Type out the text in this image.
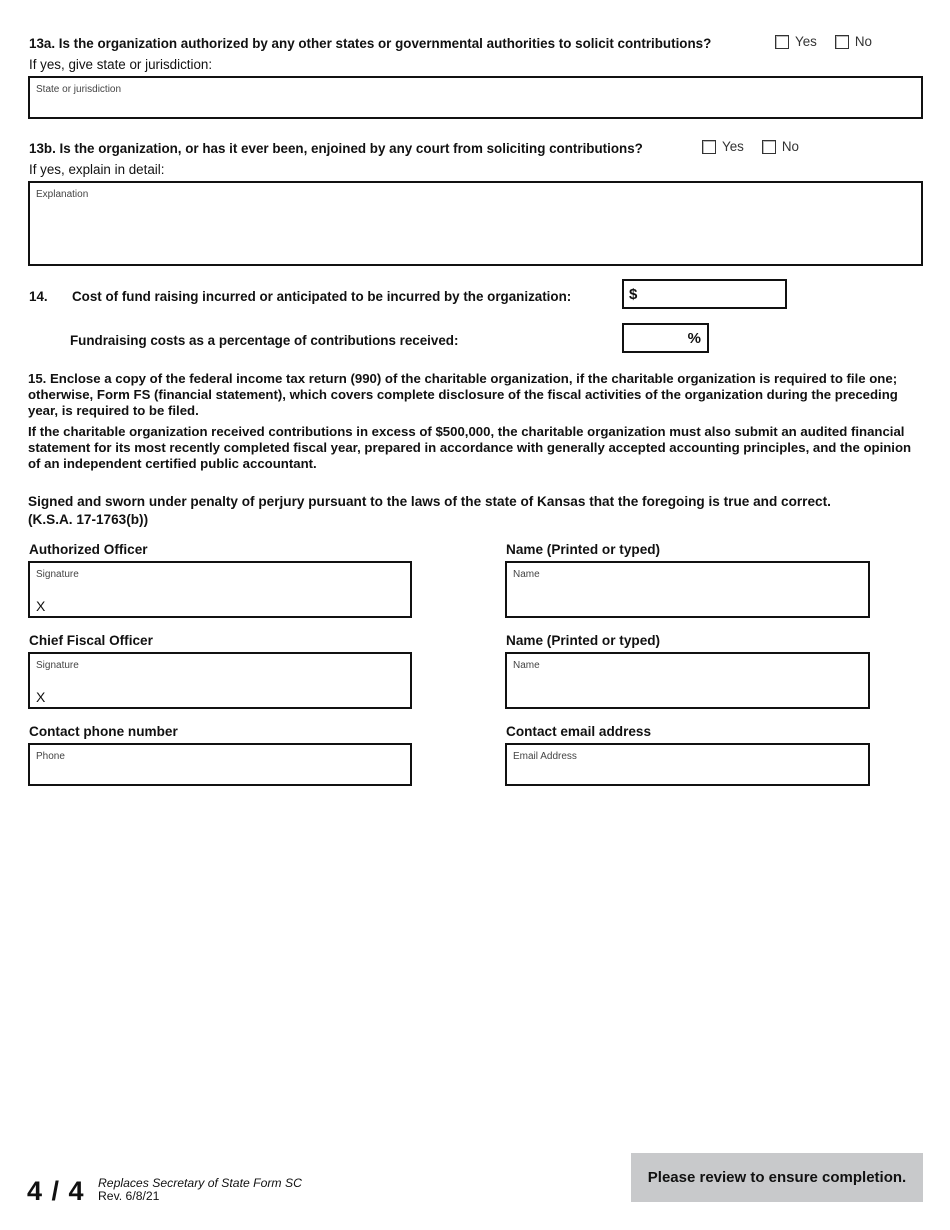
13a. Is the organization authorized by any other states or governmental authorities to solicit contributions?	Yes	No
If yes, give state or jurisdiction:
State or jurisdiction
13b. Is the organization, or has it ever been, enjoined by any court from soliciting contributions?	Yes	No
If yes, explain in detail:
Explanation
14. Cost of fund raising incurred or anticipated to be incurred by the organization:	$
Fundraising costs as a percentage of contributions received:	%
15. Enclose a copy of the federal income tax return (990) of the charitable organization, if the charitable organization is required to file one; otherwise, Form FS (financial statement), which covers complete disclosure of the fiscal activities of the organization during the preceding year, is required to be filed.
If the charitable organization received contributions in excess of $500,000, the charitable organization must also submit an audited financial statement for its most recently completed fiscal year, prepared in accordance with generally accepted accounting principles, and the opinion of an independent certified public accountant.
Signed and sworn under penalty of perjury pursuant to the laws of the state of Kansas that the foregoing is true and correct.
(K.S.A. 17-1763(b))
Authorized Officer
Signature
X
Name (Printed or typed)
Name
Chief Fiscal Officer
Signature
X
Name (Printed or typed)
Name
Contact phone number
Phone
Contact email address
Email Address
4 / 4 Replaces Secretary of State Form SC
Rev. 6/8/21
Please review to ensure completion.
